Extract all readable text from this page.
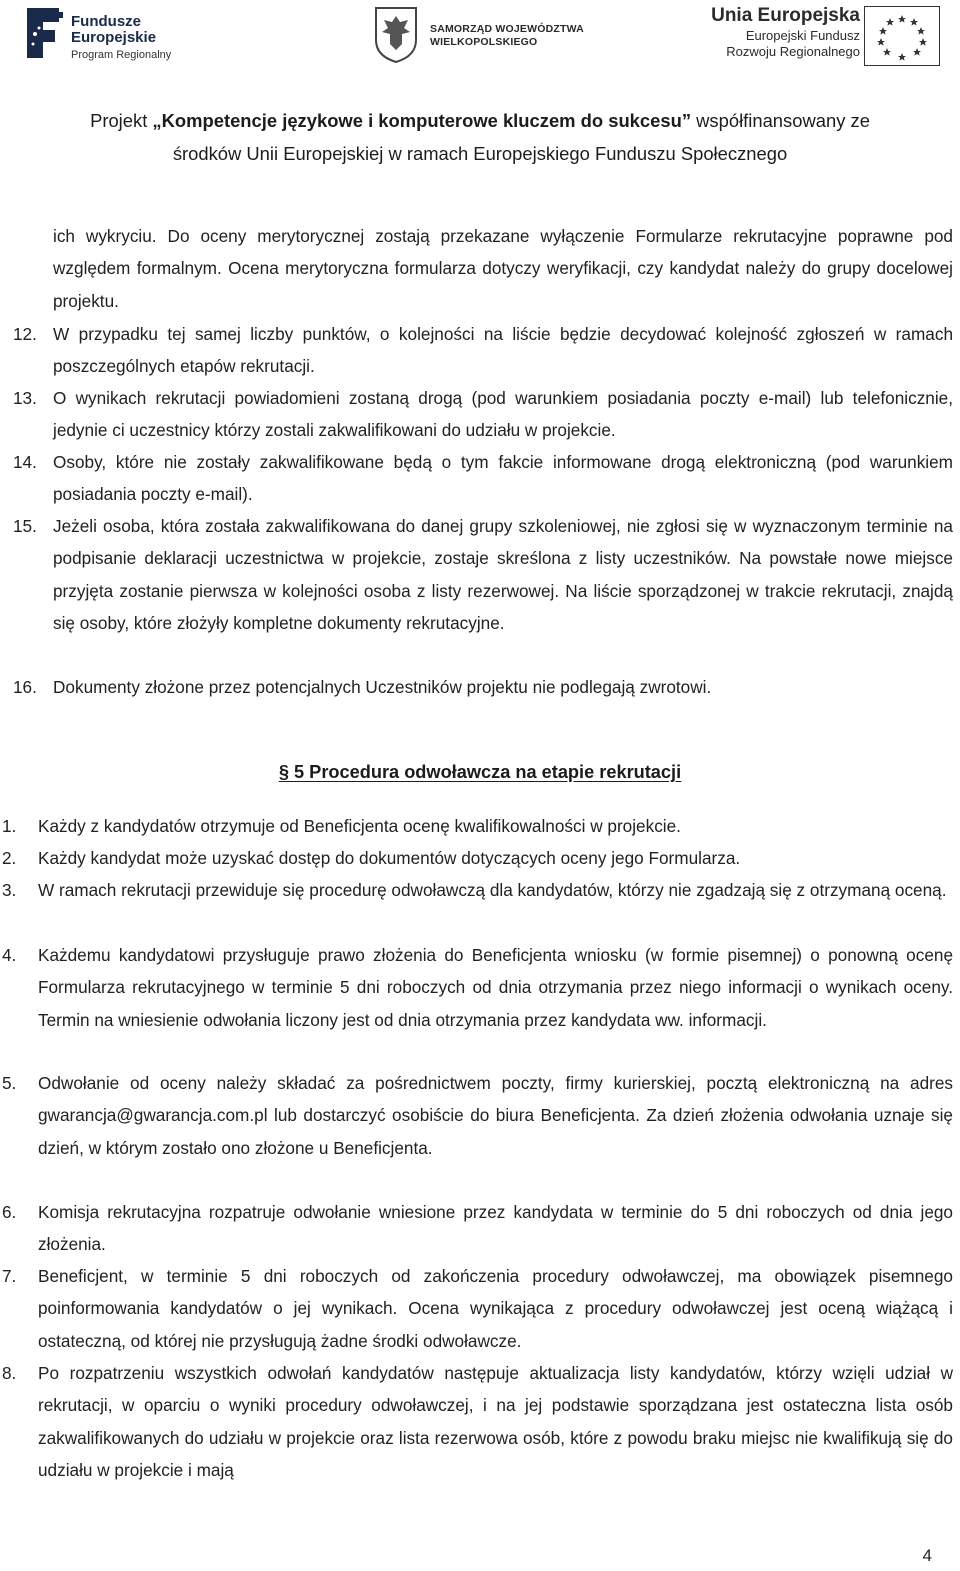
Fundusze
Europejskie
Program Regionalny
SAMORZĄD WOJEWÓDZTWA
WIELKOPOLSKIEGO
Unia Europejska
Europejski Fundusz
Rozwoju Regionalnego
Projekt „Kompetencje językowe i komputerowe kluczem do sukcesu” współfinansowany ze
środków Unii Europejskiej w ramach Europejskiego Funduszu Społecznego
ich wykryciu. Do oceny merytorycznej zostają przekazane wyłączenie Formularze rekrutacyjne poprawne pod względem formalnym. Ocena merytoryczna formularza dotyczy weryfikacji, czy kandydat należy do grupy docelowej projektu.
12. W przypadku tej samej liczby punktów, o kolejności na liście będzie decydować kolejność zgłoszeń w ramach poszczególnych etapów rekrutacji.
13. O wynikach rekrutacji powiadomieni zostaną drogą (pod warunkiem posiadania poczty e-mail) lub telefonicznie, jedynie ci uczestnicy którzy zostali zakwalifikowani do udziału w projekcie.
14. Osoby, które nie zostały zakwalifikowane będą o tym fakcie informowane drogą elektroniczną (pod warunkiem posiadania poczty e-mail).
15. Jeżeli osoba, która została zakwalifikowana do danej grupy szkoleniowej, nie zgłosi się w wyznaczonym terminie na podpisanie deklaracji uczestnictwa w projekcie, zostaje skreślona z listy uczestników. Na powstałe nowe miejsce przyjęta zostanie pierwsza w kolejności osoba z listy rezerwowej. Na liście sporządzonej w trakcie rekrutacji, znajdą się osoby, które złożyły kompletne dokumenty rekrutacyjne.
16. Dokumenty złożone przez potencjalnych Uczestników projektu nie podlegają zwrotowi.
§ 5 Procedura odwoławcza na etapie rekrutacji
1.	Każdy z kandydatów otrzymuje od Beneficjenta ocenę kwalifikowalności w projekcie.
2.	Każdy kandydat może uzyskać dostęp do dokumentów dotyczących oceny jego Formularza.
3.	W ramach rekrutacji przewiduje się procedurę odwoławczą dla kandydatów, którzy nie zgadzają się z otrzymaną oceną.
4.	Każdemu kandydatowi przysługuje prawo złożenia do Beneficjenta wniosku (w formie pisemnej) o ponowną ocenę Formularza rekrutacyjnego w terminie 5 dni roboczych od dnia otrzymania przez niego informacji o wynikach oceny. Termin na wniesienie odwołania liczony jest od dnia otrzymania przez kandydata ww. informacji.
5.	Odwołanie od oceny należy składać za pośrednictwem poczty, firmy kurierskiej, pocztą elektroniczną na adres gwarancja@gwarancja.com.pl lub dostarczyć osobiście do biura Beneficjenta. Za dzień złożenia odwołania uznaje się dzień, w którym zostało ono złożone u Beneficjenta.
6.	Komisja rekrutacyjna rozpatruje odwołanie wniesione przez kandydata w terminie do 5 dni roboczych od dnia jego złożenia.
7.	Beneficjent, w terminie 5 dni roboczych od zakończenia procedury odwoławczej, ma obowiązek pisemnego poinformowania kandydatów o jej wynikach. Ocena wynikająca z procedury odwoławczej jest oceną wiążącą i ostateczną, od której nie przysługują żadne środki odwoławcze.
8.	Po rozpatrzeniu wszystkich odwołań kandydatów następuje aktualizacja listy kandydatów, którzy wzięli udział w rekrutacji, w oparciu o wyniki procedury odwoławczej, i na jej podstawie sporządzana jest ostateczna lista osób zakwalifikowanych do udziału w projekcie oraz lista rezerwowa osób, które z powodu braku miejsc nie kwalifikują się do udziału w projekcie i mają
4
